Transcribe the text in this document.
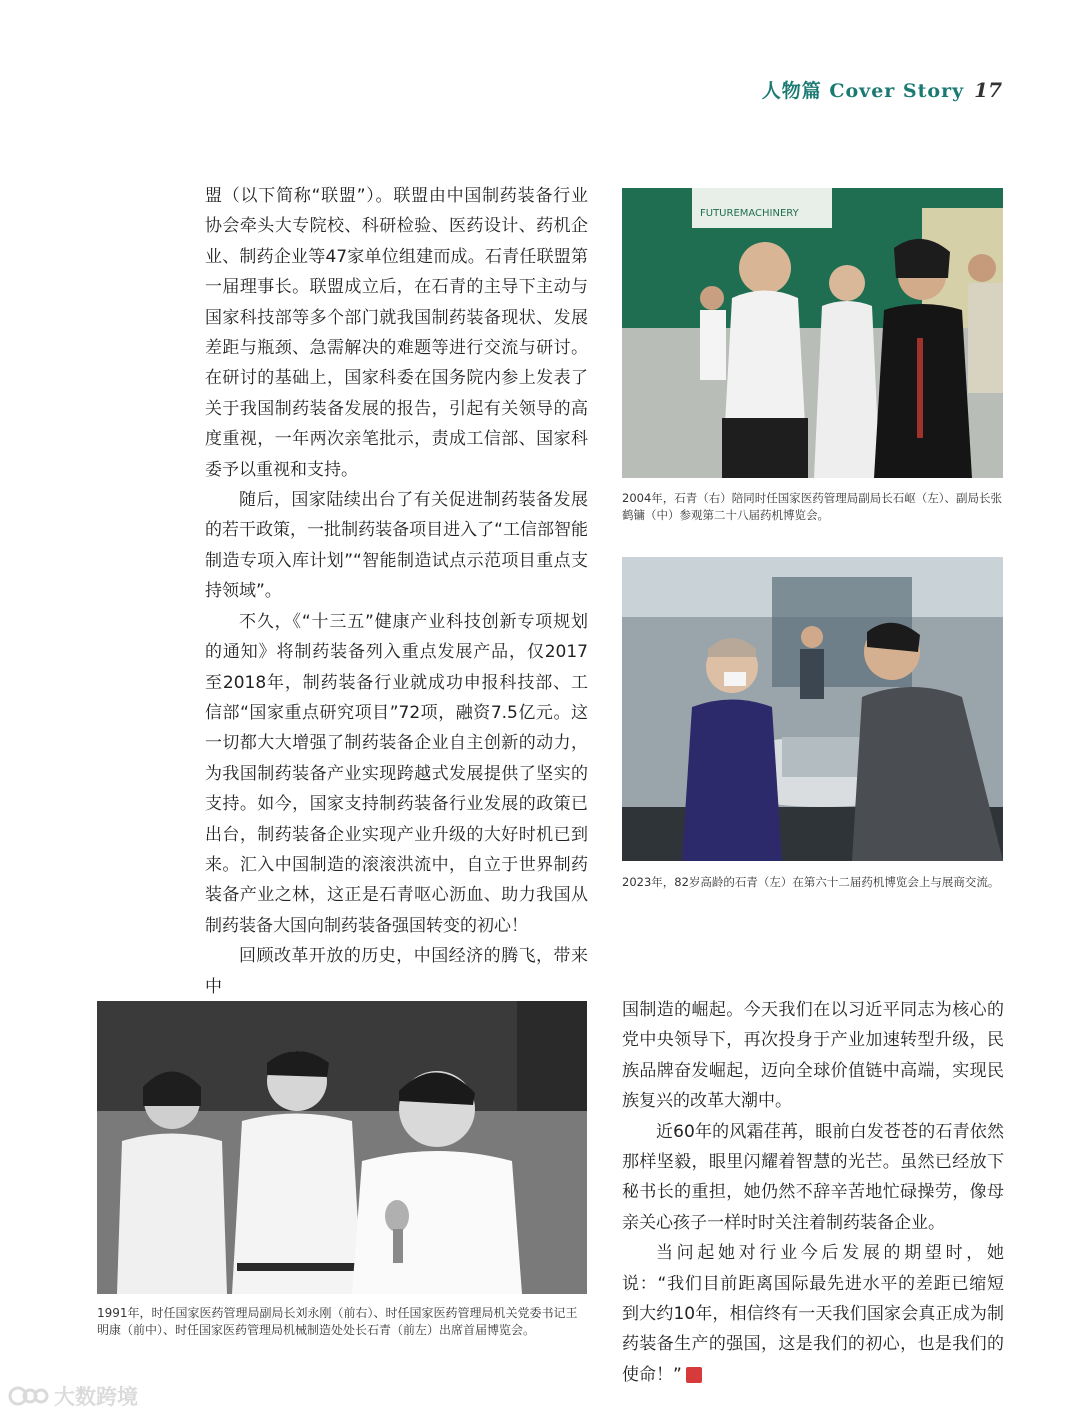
人物篇 Cover Story 17

盟（以下简称“联盟”）。联盟由中国制药装备行业协会牵头大专院校、科研检验、医药设计、药机企业、制药企业等47家单位组建而成。石青任联盟第一届理事长。联盟成立后，在石青的主导下主动与国家科技部等多个部门就我国制药装备现状、发展差距与瓶颈、急需解决的难题等进行交流与研讨。在研讨的基础上，国家科委在国务院内参上发表了关于我国制药装备发展的报告，引起有关领导的高度重视，一年两次亲笔批示，责成工信部、国家科委予以重视和支持。

随后，国家陆续出台了有关促进制药装备发展的若干政策，一批制药装备项目进入了“工信部智能制造专项入库计划”“智能制造试点示范项目重点支持领域”。

不久，《“十三五”健康产业科技创新专项规划的通知》将制药装备列入重点发展产品，仅2017至2018年，制药装备行业就成功申报科技部、工信部“国家重点研究项目”72项，融资7.5亿元。这一切都大大增强了制药装备企业自主创新的动力，为我国制药装备产业实现跨越式发展提供了坚实的支持。如今，国家支持制药装备行业发展的政策已出台，制药装备企业实现产业升级的大好时机已到来。汇入中国制造的滚滚洪流中，自立于世界制药装备产业之林，这正是石青呕心沥血、助力我国从制药装备大国向制药装备强国转变的初心！

回顾改革开放的历史，中国经济的腾飞，带来中

FUTUREMACHINERY
2004年，石青（右）陪同时任国家医药管理局副局长石岖（左）、副局长张鹤镛（中）参观第二十八届药机博览会。
2023年，82岁高龄的石青（左）在第六十二届药机博览会上与展商交流。
1991年，时任国家医药管理局副局长刘永刚（前右）、时任国家医药管理局机关党委书记王明康（前中）、时任国家医药管理局机械制造处处长石青（前左）出席首届博览会。

国制造的崛起。今天我们在以习近平同志为核心的党中央领导下，再次投身于产业加速转型升级，民族品牌奋发崛起，迈向全球价值链中高端，实现民族复兴的改革大潮中。

近60年的风霜荏苒，眼前白发苍苍的石青依然那样坚毅，眼里闪耀着智慧的光芒。虽然已经放下秘书长的重担，她仍然不辞辛苦地忙碌操劳，像母亲关心孩子一样时时关注着制药装备企业。

当问起她对行业今后发展的期望时，她说：“我们目前距离国际最先进水平的差距已缩短到大约10年，相信终有一天我们国家会真正成为制药装备生产的强国，这是我们的初心，也是我们的使命！”	G

大数跨境
